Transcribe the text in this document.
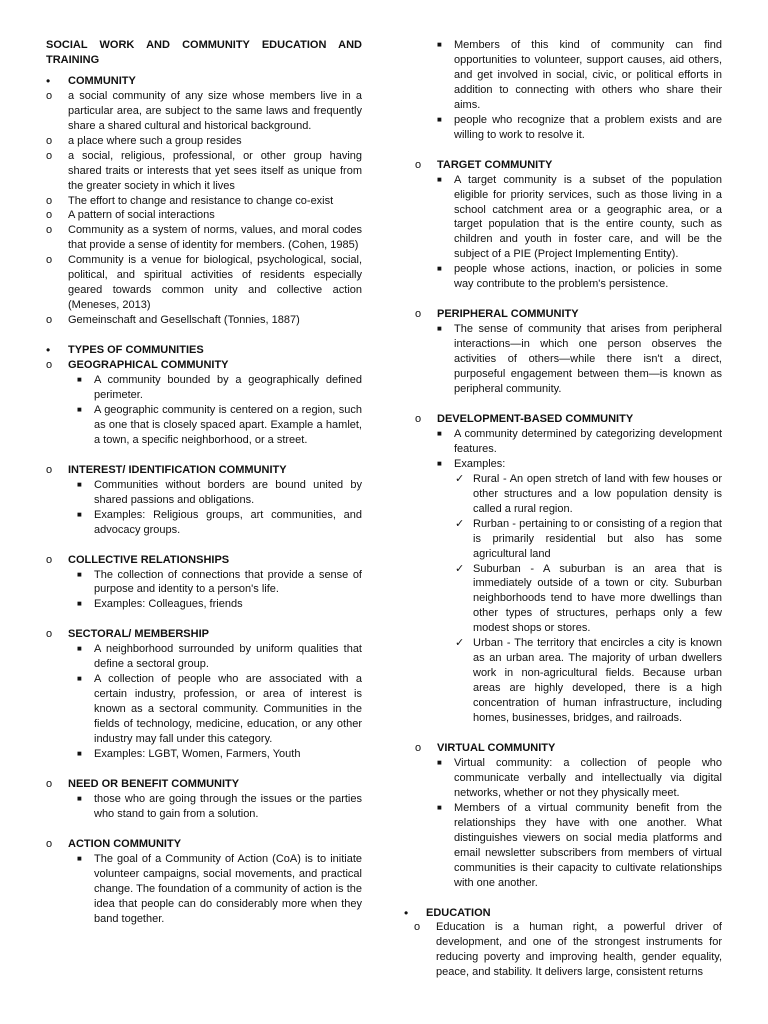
SOCIAL WORK AND COMMUNITY EDUCATION AND TRAINING
• COMMUNITY
o a social community of any size whose members live in a particular area, are subject to the same laws and frequently share a shared cultural and historical background.
o a place where such a group resides
o a social, religious, professional, or other group having shared traits or interests that yet sees itself as unique from the greater society in which it lives
o The effort to change and resistance to change co-exist
o A pattern of social interactions
o Community as a system of norms, values, and moral codes that provide a sense of identity for members. (Cohen, 1985)
o Community is a venue for biological, psychological, social, political, and spiritual activities of residents especially geared towards common unity and collective action (Meneses, 2013)
o Gemeinschaft and Gesellschaft (Tonnies, 1887)
• TYPES OF COMMUNITIES
o GEOGRAPHICAL COMMUNITY
■ A community bounded by a geographically defined perimeter.
■ A geographic community is centered on a region, such as one that is closely spaced apart. Example a hamlet, a town, a specific neighborhood, or a street.
o INTEREST/ IDENTIFICATION COMMUNITY
■ Communities without borders are bound united by shared passions and obligations.
■ Examples: Religious groups, art communities, and advocacy groups.
o COLLECTIVE RELATIONSHIPS
■ The collection of connections that provide a sense of purpose and identity to a person's life.
■ Examples: Colleagues, friends
o SECTORAL/ MEMBERSHIP
■ A neighborhood surrounded by uniform qualities that define a sectoral group.
■ A collection of people who are associated with a certain industry, profession, or area of interest is known as a sectoral community. Communities in the fields of technology, medicine, education, or any other industry may fall under this category.
■ Examples: LGBT, Women, Farmers, Youth
o NEED OR BENEFIT COMMUNITY
■ those who are going through the issues or the parties who stand to gain from a solution.
o ACTION COMMUNITY
■ The goal of a Community of Action (CoA) is to initiate volunteer campaigns, social movements, and practical change. The foundation of a community of action is the idea that people can do considerably more when they band together.
■ Members of this kind of community can find opportunities to volunteer, support causes, aid others, and get involved in social, civic, or political efforts in addition to connecting with others who share their aims.
■ people who recognize that a problem exists and are willing to work to resolve it.
o TARGET COMMUNITY
■ A target community is a subset of the population eligible for priority services, such as those living in a school catchment area or a geographic area, or a target population that is the entire county, such as children and youth in foster care, and will be the subject of a PIE (Project Implementing Entity).
■ people whose actions, inaction, or policies in some way contribute to the problem's persistence.
o PERIPHERAL COMMUNITY
■ The sense of community that arises from peripheral interactions—in which one person observes the activities of others—while there isn't a direct, purposeful engagement between them—is known as peripheral community.
o DEVELOPMENT-BASED COMMUNITY
■ A community determined by categorizing development features.
■ Examples:
✓ Rural - An open stretch of land with few houses or other structures and a low population density is called a rural region.
✓ Rurban - pertaining to or consisting of a region that is primarily residential but also has some agricultural land
✓ Suburban - A suburban is an area that is immediately outside of a town or city. Suburban neighborhoods tend to have more dwellings than other types of structures, perhaps only a few modest shops or stores.
✓ Urban - The territory that encircles a city is known as an urban area. The majority of urban dwellers work in non-agricultural fields. Because urban areas are highly developed, there is a high concentration of human infrastructure, including homes, businesses, bridges, and railroads.
o VIRTUAL COMMUNITY
■ Virtual community: a collection of people who communicate verbally and intellectually via digital networks, whether or not they physically meet.
■ Members of a virtual community benefit from the relationships they have with one another. What distinguishes viewers on social media platforms and email newsletter subscribers from members of virtual communities is their capacity to cultivate relationships with one another.
• EDUCATION
o Education is a human right, a powerful driver of development, and one of the strongest instruments for reducing poverty and improving health, gender equality, peace, and stability. It delivers large, consistent returns
